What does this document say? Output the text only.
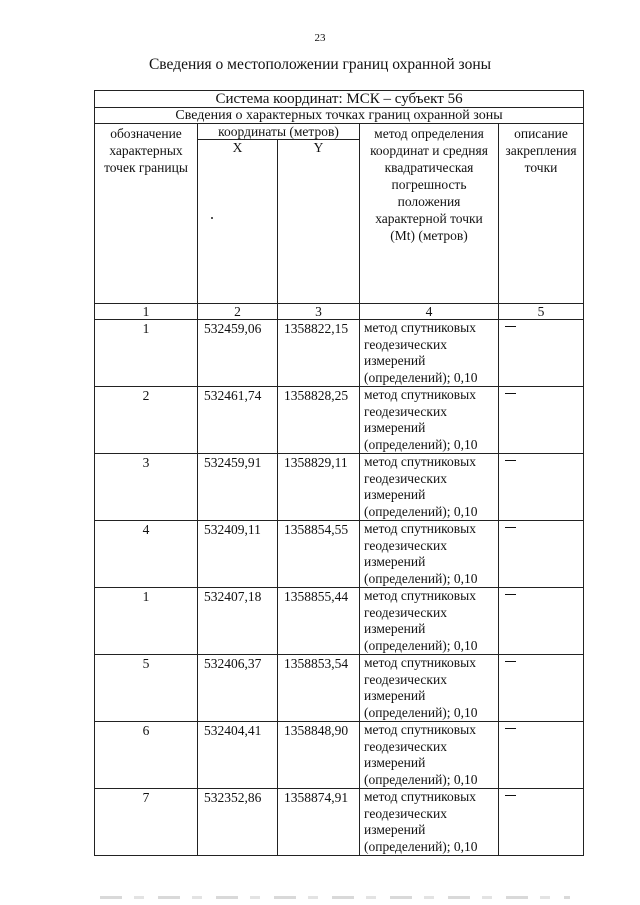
23
Сведения о местоположении границ охранной зоны
Система координат: МСК – субъект 56				
Сведения о характерных точках границ охранной зоны				
обозначение характерных точек границы	координаты (метров)		метод определения координат и средняя квадратическая погрешность положения характерной точки (Mt) (метров)	описание закрепления точки
	X	Y		
1	2	3	4	5
1	532459,06	1358822,15	метод спутниковых геодезических измерений (определений); 0,10	
2	532461,74	1358828,25	метод спутниковых геодезических измерений (определений); 0,10	
3	532459,91	1358829,11	метод спутниковых геодезических измерений (определений); 0,10	
4	532409,11	1358854,55	метод спутниковых геодезических измерений (определений); 0,10	
1	532407,18	1358855,44	метод спутниковых геодезических измерений (определений); 0,10	
5	532406,37	1358853,54	метод спутниковых геодезических измерений (определений); 0,10	
6	532404,41	1358848,90	метод спутниковых геодезических измерений (определений); 0,10	
7	532352,86	1358874,91	метод спутниковых геодезических измерений (определений); 0,10	
